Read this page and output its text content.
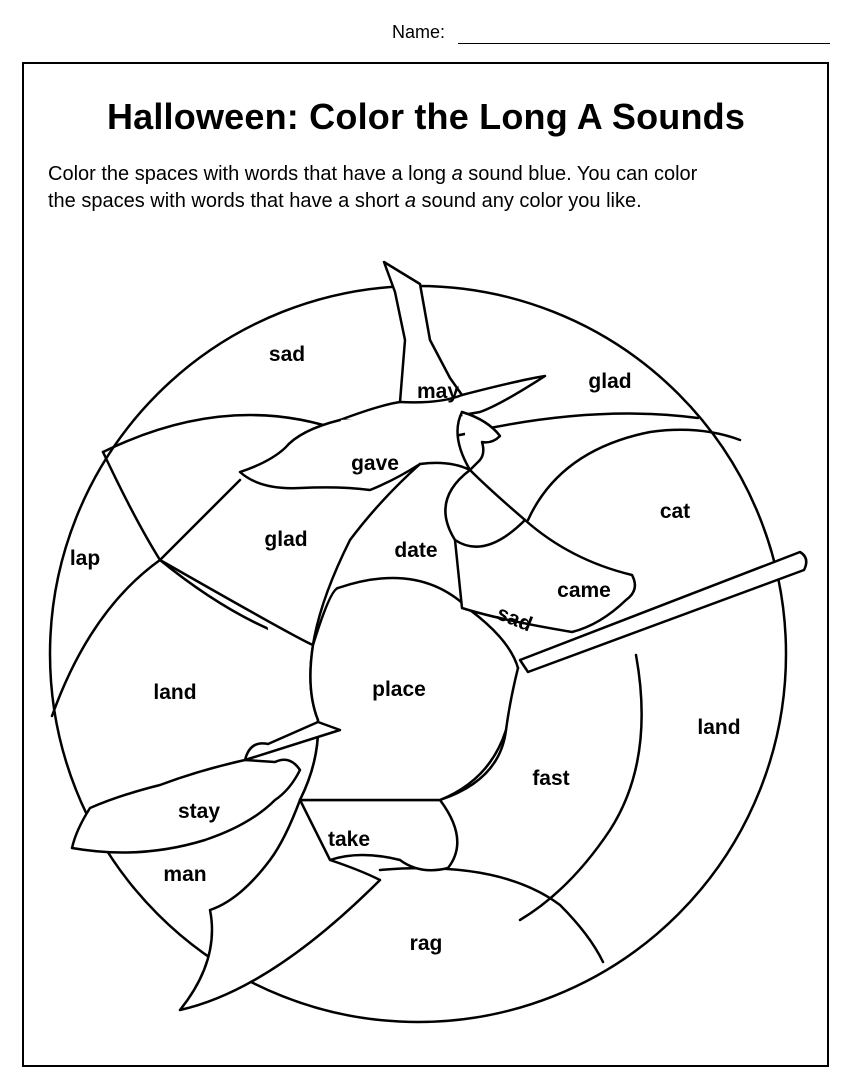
Name:
Halloween: Color the Long A Sounds
Color the spaces with words that have a long a sound blue. You can color
the spaces with words that have a short a sound any color you like.
sad
may	glad
gave
lap
glad	date
cat
came
sad
land	place
land
fast
stay
take
man
rag
